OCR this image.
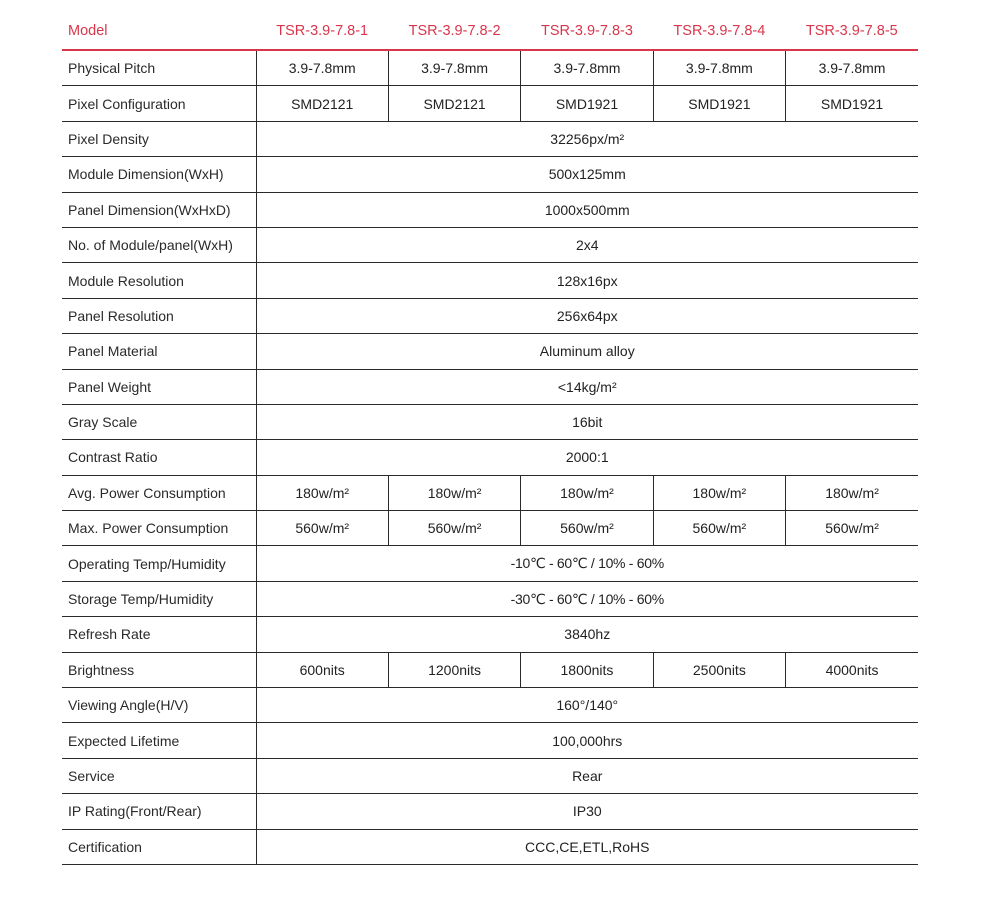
Model	TSR-3.9-7.8-1	TSR-3.9-7.8-2	TSR-3.9-7.8-3	TSR-3.9-7.8-4	TSR-3.9-7.8-5
Physical Pitch	3.9-7.8mm	3.9-7.8mm	3.9-7.8mm	3.9-7.8mm	3.9-7.8mm
Pixel Configuration	SMD2121	SMD2121	SMD1921	SMD1921	SMD1921
Pixel Density	32256px/m²				
Module Dimension(WxH)	500x125mm				
Panel Dimension(WxHxD)	1000x500mm				
No. of Module/panel(WxH)	2x4				
Module Resolution	128x16px				
Panel Resolution	256x64px				
Panel Material	Aluminum alloy				
Panel Weight	<14kg/m²				
Gray Scale	16bit				
Contrast Ratio	2000:1				
Avg. Power Consumption	180w/m²	180w/m²	180w/m²	180w/m²	180w/m²
Max. Power Consumption	560w/m²	560w/m²	560w/m²	560w/m²	560w/m²
Operating Temp/Humidity	-10℃ - 60℃ / 10% - 60%				
Storage Temp/Humidity	-30℃ - 60℃ / 10% - 60%				
Refresh Rate	3840hz				
Brightness	600nits	1200nits	1800nits	2500nits	4000nits
Viewing Angle(H/V)	160°/140°				
Expected Lifetime	100,000hrs				
Service	Rear				
IP Rating(Front/Rear)	IP30				
Certification	CCC,CE,ETL,RoHS				
